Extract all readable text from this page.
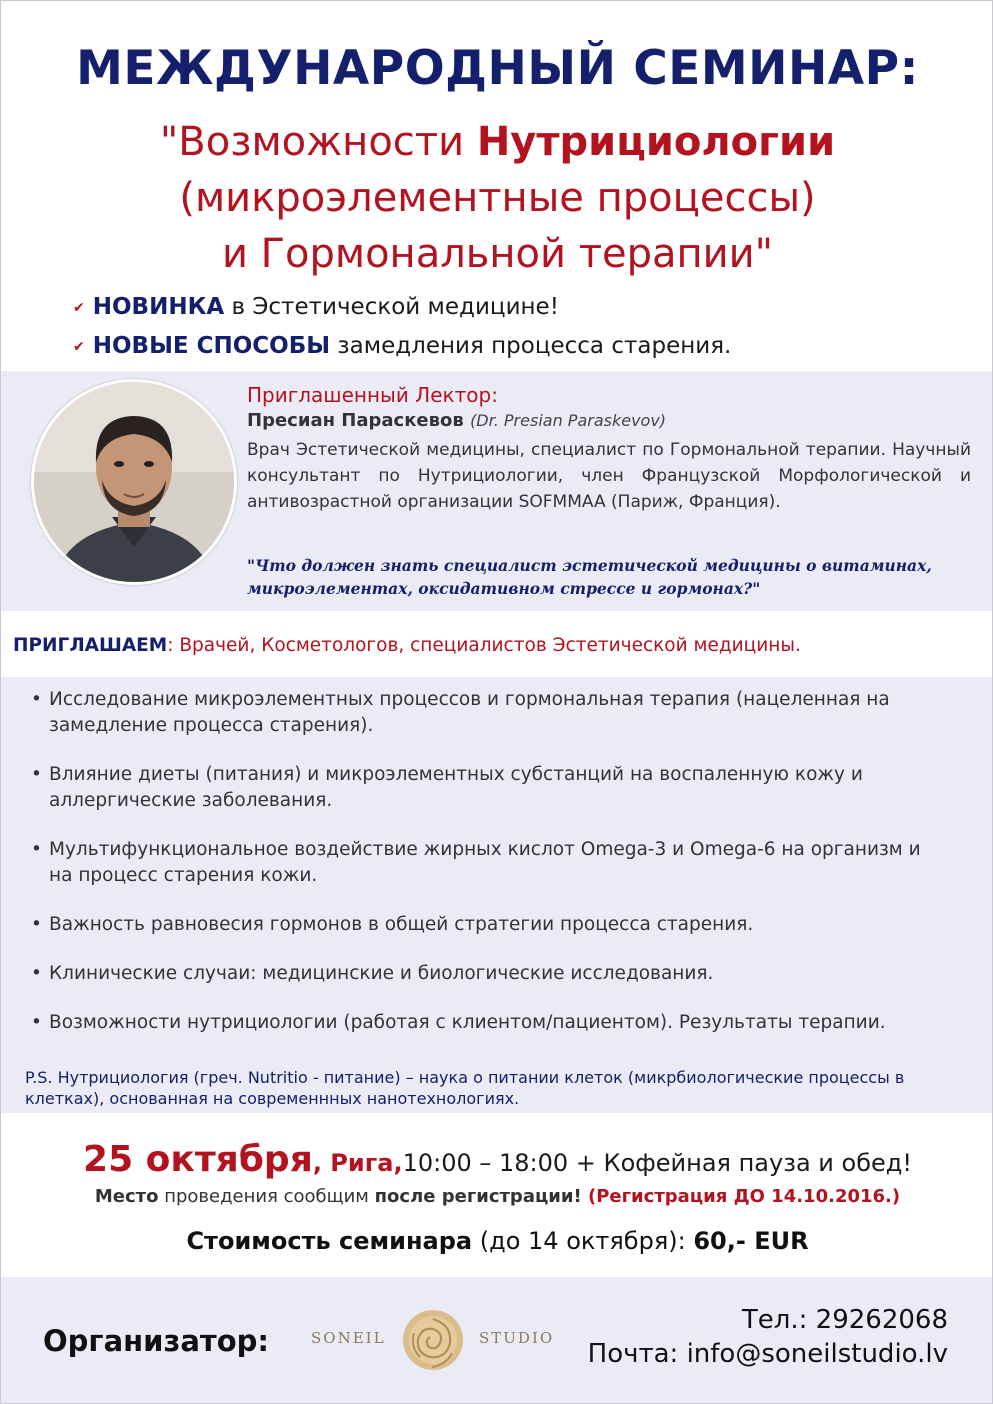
МЕЖДУНАРОДНЫЙ СЕМИНАР:
"Возможности Нутрициологии
(микроэлементные процессы)
и Гормональной терапии"
✔ НОВИНКА в Эстетической медицине!
✔ НОВЫЕ СПОСОБЫ замедления процесса старения.
Приглашенный Лектор:
Пресиан Параскевов (Dr. Presian Paraskevov)
Врач Эстетической медицины, специалист по Гормональной терапии. Научный консультант по Нутрициологии, член Французской Морфологической и антивозрастной организации SOFMMAA (Париж, Франция).
"Что должен знать специалист эстетической медицины о витаминах, микроэлементах, оксидативном стрессе и гормонах?"
ПРИГЛАШАЕМ: Врачей, Косметологов, специалистов Эстетической медицины.
• Исследование микроэлементных процессов и гормональная терапия (нацеленная на замедление процесса старения).
• Влияние диеты (питания) и микроэлементных субстанций на воспаленную кожу и аллергические заболевания.
• Мультифункциональное воздействие жирных кислот Omega-3 и Omega-6 на организм и на процесс старения кожи.
• Важность равновесия гормонов в общей стратегии процесса старения.
• Клинические случаи: медицинские и биологические исследования.
• Возможности нутрициологии (работая с клиентом/пациентом). Результаты терапии.
P.S. Нутрициология (греч. Nutritio - питание) – наука о питании клеток (микрбиологические процессы в клетках), основанная на современнных нанотехнологиях.
25 октября, Рига,10:00 – 18:00 + Кофейная пауза и обед!
Место проведения сообщим после регистрации! (Регистрация ДО 14.10.2016.)
Стоимость семинара (до 14 октября): 60,- EUR
Организатор:	SONEIL	STUDIO
Тел.: 29262068
Почта: info@soneilstudio.lv
